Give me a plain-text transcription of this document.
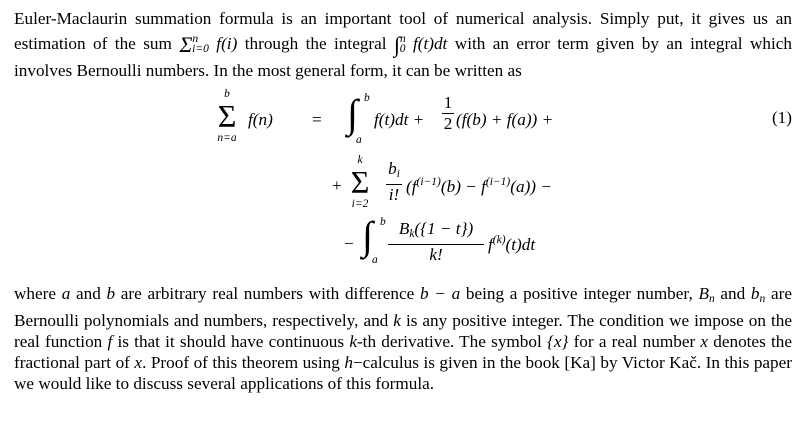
Euler-Maclaurin summation formula is an important tool of numerical analysis. Simply put, it gives us an estimation of the sum $\Sigma^n_{i=0}$ f(i) through the integral ∫$^n_0$ f(t)dt with an error term given by an integral which involves Bernoulli numbers. In the most general form, it can be written as

b
Σ
n=a
f(n) = ∫ b
a
f(t)dt +
1
2 (f(b) + f(a)) +	(1)
+
k
Σ
i=2
$b_i$
i! $(f^{(i-1)}(b) - f^{(i-1)}(a))$ −
− ∫ b
a
$B_k(\{1 - t\})$
k!
$f^{(k)}(t)dt$

where a and b are arbitrary real numbers with difference b − a being a positive integer number, $B_n$ and $b_n$ are Bernoulli polynomials and numbers, respectively, and k is any positive integer. The condition we impose on the real function f is that it should have continuous k-th derivative. The symbol {x} for a real number x denotes the fractional part of x. Proof of this theorem using h−calculus is given in the book [Ka] by Victor Kač. In this paper we would like to discuss several applications of this formula.
